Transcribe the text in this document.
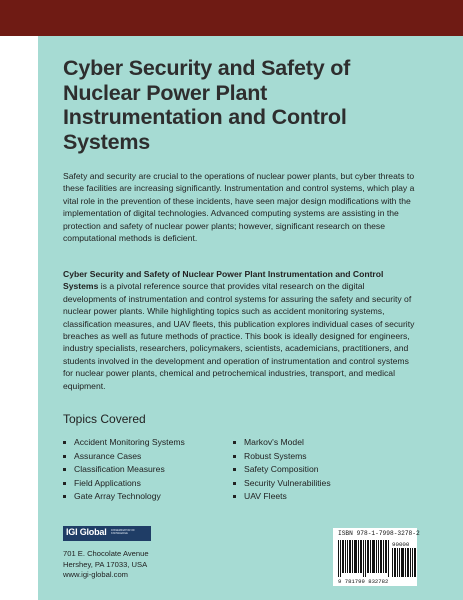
Cyber Security and Safety of Nuclear Power Plant Instrumentation and Control Systems

Safety and security are crucial to the operations of nuclear power plants, but cyber threats to these facilities are increasing significantly. Instrumentation and control systems, which play a vital role in the prevention of these incidents, have seen major design modifications with the implementation of digital technologies. Advanced computing systems are assisting in the protection and safety of nuclear power plants; however, significant research on these computational methods is deficient.

Cyber Security and Safety of Nuclear Power Plant Instrumentation and Control Systems is a pivotal reference source that provides vital research on the digital developments of instrumentation and control systems for assuring the safety and security of nuclear power plants. While highlighting topics such as accident monitoring systems, classification measures, and UAV fleets, this publication explores individual cases of security breaches as well as future methods of practice. This book is ideally designed for engineers, industry specialists, researchers, policymakers, scientists, academicians, practitioners, and students involved in the development and operation of instrumentation and control systems for nuclear power plants, chemical and petrochemical industries, transport, and medical equipment.

Topics Covered
Accident Monitoring Systems
Assurance Cases
Classification Measures
Field Applications
Gate Array Technology
Markov's Model
Robust Systems
Safety Composition
Security Vulnerabilities
UAV Fleets
IGI Global DISSEMINATOR OF KNOWLEDGE

701 E. Chocolate Avenue
Hershey, PA 17033, USA
www.igi-global.com

ISBN 978-1-7998-3278-2
90000
9 781799 832782
